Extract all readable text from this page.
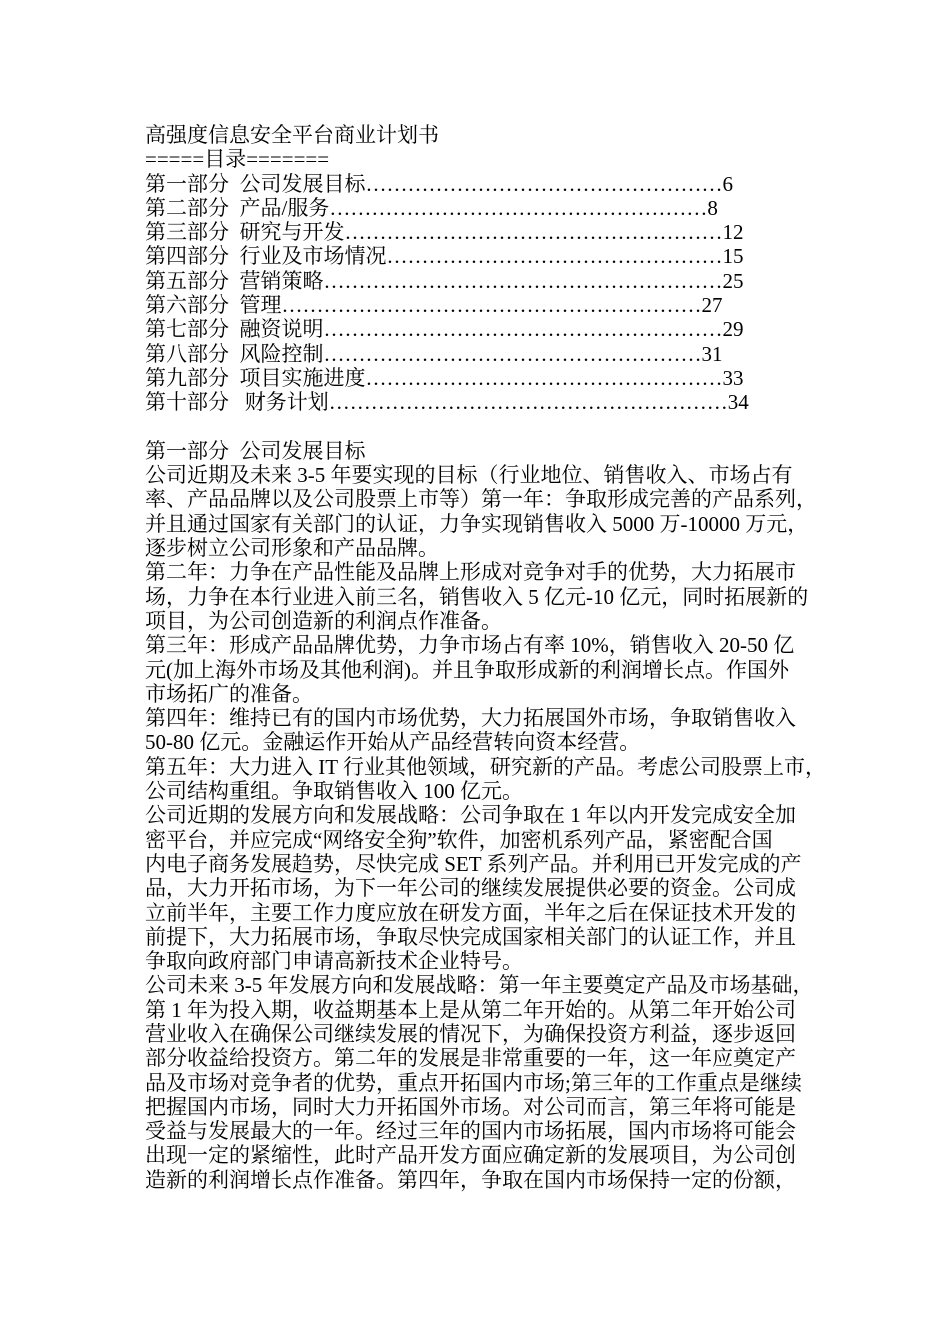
高强度信息安全平台商业计划书
=====目录=======
第一部分 公司发展目标……………………………………………6
第二部分 产品/服务………………………………………………8
第三部分 研究与开发………………………………………………12
第四部分 行业及市场情况…………………………………………15
第五部分 营销策略…………………………………………………25
第六部分 管理……………………………………………………27
第七部分 融资说明…………………………………………………29
第八部分 风险控制………………………………………………31
第九部分 项目实施进度……………………………………………33
第十部分   财务计划…………………………………………………34
第一部分  公司发展目标
公司近期及未来 3-5 年要实现的目标（行业地位、销售收入、市场占有
率、产品品牌以及公司股票上市等）第一年：争取形成完善的产品系列，
并且通过国家有关部门的认证，力争实现销售收入 5000 万-10000 万元，
逐步树立公司形象和产品品牌。
第二年：力争在产品性能及品牌上形成对竞争对手的优势，大力拓展市
场，力争在本行业进入前三名，销售收入 5 亿元-10 亿元，同时拓展新的
项目，为公司创造新的利润点作准备。
第三年：形成产品品牌优势，力争市场占有率 10%，销售收入 20-50 亿
元(加上海外市场及其他利润)。并且争取形成新的利润增长点。作国外
市场拓广的准备。
第四年：维持已有的国内市场优势，大力拓展国外市场，争取销售收入
50-80 亿元。金融运作开始从产品经营转向资本经营。
第五年：大力进入 IT 行业其他领域，研究新的产品。考虑公司股票上市，
公司结构重组。争取销售收入 100 亿元。
公司近期的发展方向和发展战略：公司争取在 1 年以内开发完成安全加
密平台，并应完成“网络安全狗”软件，加密机系列产品，紧密配合国
内电子商务发展趋势，尽快完成 SET 系列产品。并利用已开发完成的产
品，大力开拓市场，为下一年公司的继续发展提供必要的资金。公司成
立前半年，主要工作力度应放在研发方面，半年之后在保证技术开发的
前提下，大力拓展市场，争取尽快完成国家相关部门的认证工作，并且
争取向政府部门申请高新技术企业特号。
公司未来 3-5 年发展方向和发展战略：第一年主要奠定产品及市场基础，
第 1 年为投入期，收益期基本上是从第二年开始的。从第二年开始公司
营业收入在确保公司继续发展的情况下，为确保投资方利益，逐步返回
部分收益给投资方。第二年的发展是非常重要的一年，这一年应奠定产
品及市场对竞争者的优势，重点开拓国内市场;第三年的工作重点是继续
把握国内市场，同时大力开拓国外市场。对公司而言，第三年将可能是
受益与发展最大的一年。经过三年的国内市场拓展，国内市场将可能会
出现一定的紧缩性，此时产品开发方面应确定新的发展项目，为公司创
造新的利润增长点作准备。第四年，争取在国内市场保持一定的份额，
